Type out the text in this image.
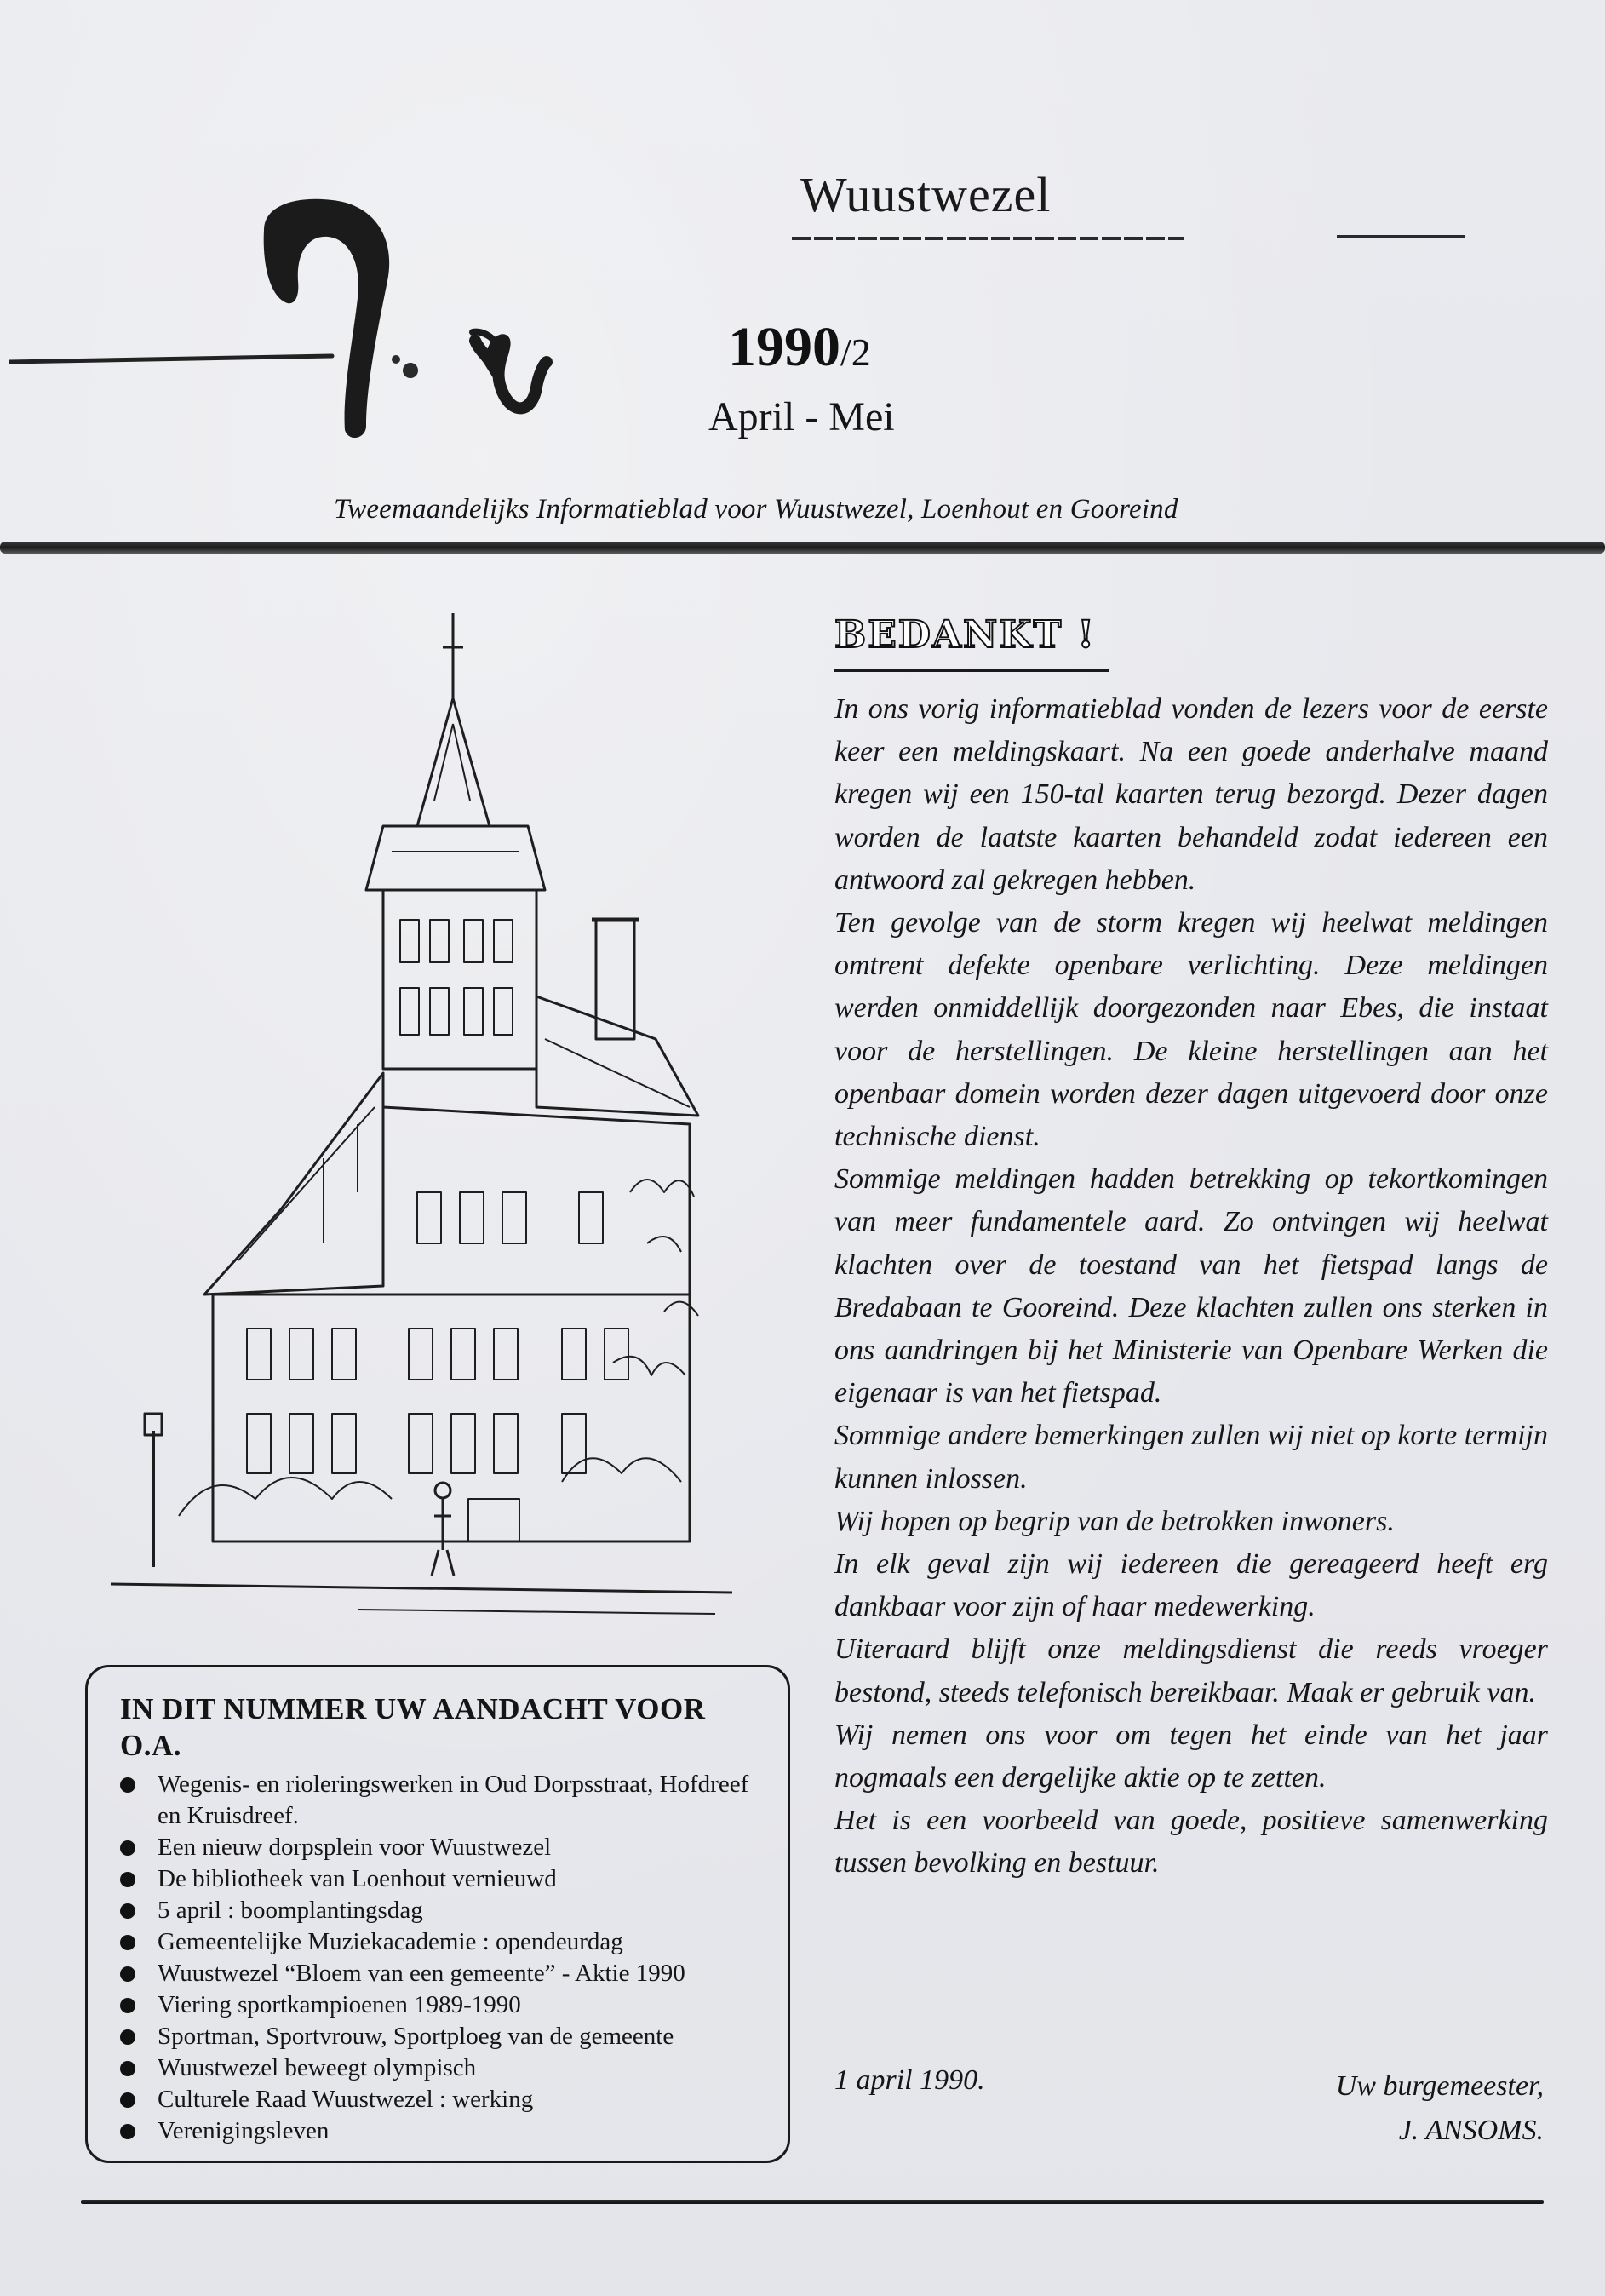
Wuustwezel
1990/2
April - Mei
Tweemaandelijks Informatieblad voor Wuustwezel, Loenhout en Gooreind
IN DIT NUMMER UW AANDACHT VOOR O.A.
Wegenis- en rioleringswerken in Oud Dorpsstraat, Hofdreef en Kruisdreef.
Een nieuw dorpsplein voor Wuustwezel
De bibliotheek van Loenhout vernieuwd
5 april : boomplantingsdag
Gemeentelijke Muziekacademie : opendeurdag
Wuustwezel “Bloem van een gemeente” - Aktie 1990
Viering sportkampioenen 1989-1990
Sportman, Sportvrouw, Sportploeg van de gemeente
Wuustwezel beweegt olympisch
Culturele Raad Wuustwezel : werking
Verenigingsleven
BEDANKT !

In ons vorig informatieblad vonden de lezers voor de eerste keer een meldingskaart. Na een goede anderhalve maand kregen wij een 150-tal kaarten terug bezorgd. Dezer dagen worden de laatste kaarten behandeld zodat iedereen een antwoord zal gekregen hebben.

Ten gevolge van de storm kregen wij heelwat meldingen omtrent defekte openbare verlichting. Deze meldingen werden onmiddellijk doorgezonden naar Ebes, die instaat voor de herstellingen. De kleine herstellingen aan het openbaar domein worden dezer dagen uitgevoerd door onze technische dienst.

Sommige meldingen hadden betrekking op tekortkomingen van meer fundamentele aard. Zo ontvingen wij heelwat klachten over de toestand van het fietspad langs de Bredabaan te Gooreind. Deze klachten zullen ons sterken in ons aandringen bij het Ministerie van Openbare Werken die eigenaar is van het fietspad.

Sommige andere bemerkingen zullen wij niet op korte termijn kunnen inlossen.

Wij hopen op begrip van de betrokken inwoners.

In elk geval zijn wij iedereen die gereageerd heeft erg dankbaar voor zijn of haar medewerking.

Uiteraard blijft onze meldingsdienst die reeds vroeger bestond, steeds telefonisch bereikbaar. Maak er gebruik van.

Wij nemen ons voor om tegen het einde van het jaar nogmaals een dergelijke aktie op te zetten.

Het is een voorbeeld van goede, positieve samenwerking tussen bevolking en bestuur.

1 april 1990.	Uw burgemeester,
J. ANSOMS.
